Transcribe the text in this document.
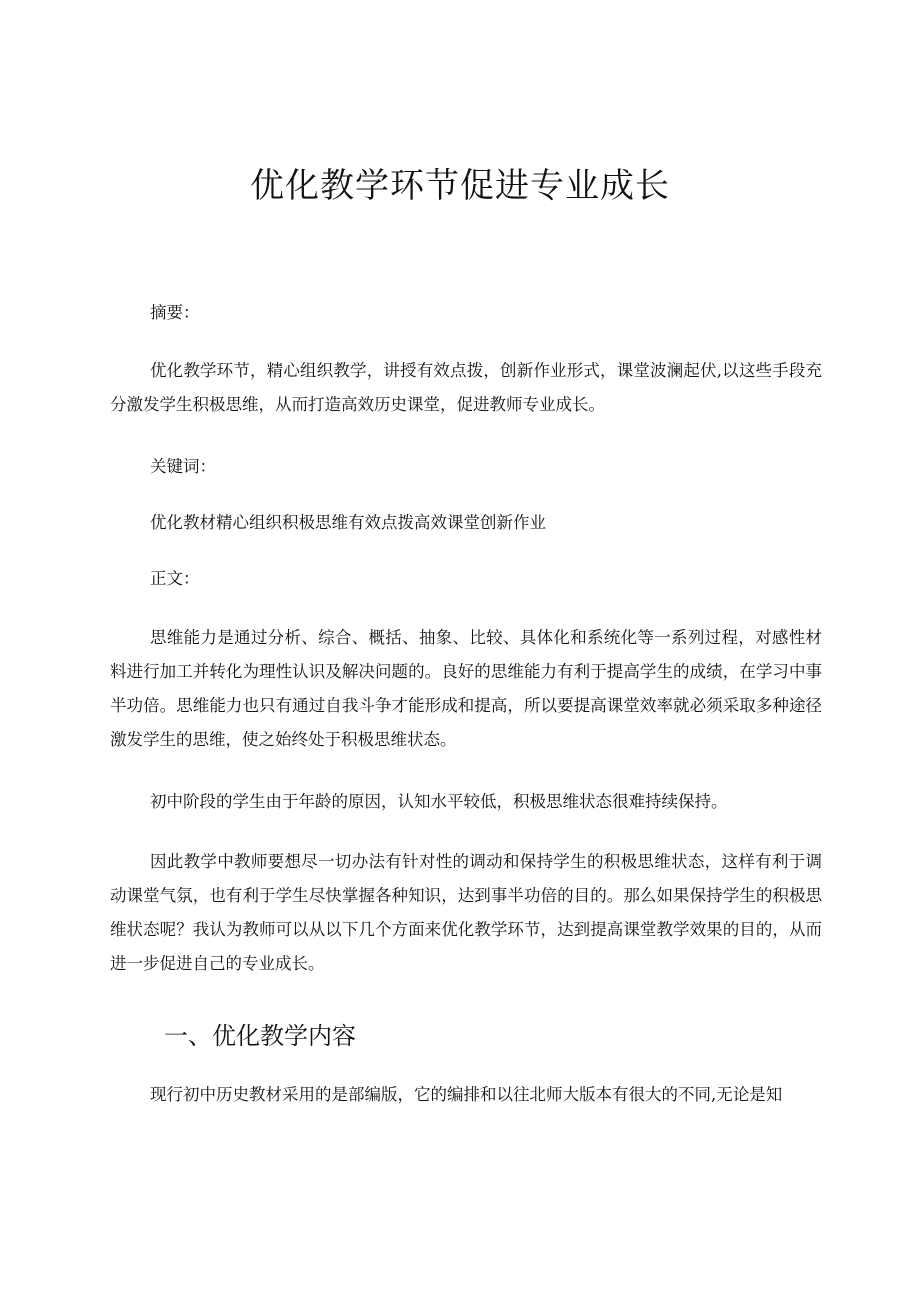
优化教学环节促进专业成长

摘要：

优化教学环节，精心组织教学，讲授有效点拨，创新作业形式，课堂波澜起伏,以这些手段充分激发学生积极思维，从而打造高效历史课堂，促进教师专业成长。

关键词：

优化教材精心组织积极思维有效点拨高效课堂创新作业

正文：

思维能力是通过分析、综合、概括、抽象、比较、具体化和系统化等一系列过程，对感性材料进行加工并转化为理性认识及解决问题的。良好的思维能力有利于提高学生的成绩，在学习中事半功倍。思维能力也只有通过自我斗争才能形成和提高，所以要提高课堂效率就必须采取多种途径激发学生的思维，使之始终处于积极思维状态。

初中阶段的学生由于年龄的原因，认知水平较低，积极思维状态很难持续保持。

因此教学中教师要想尽一切办法有针对性的调动和保持学生的积极思维状态，这样有利于调动课堂气氛，也有利于学生尽快掌握各种知识，达到事半功倍的目的。那么如果保持学生的积极思维状态呢？我认为教师可以从以下几个方面来优化教学环节，达到提高课堂教学效果的目的，从而进一步促进自己的专业成长。

一、优化教学内容

现行初中历史教材采用的是部编版，它的编排和以往北师大版本有很大的不同,无论是知
